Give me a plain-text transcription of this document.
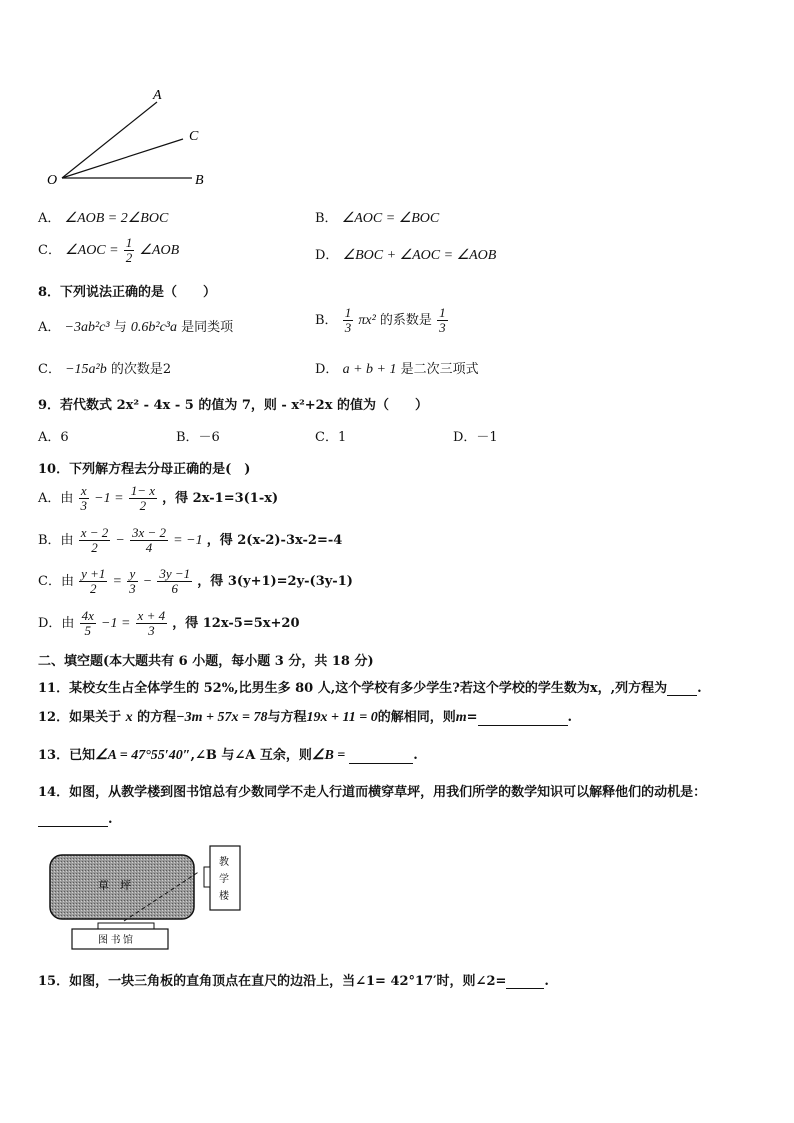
A
C
O	B
A． ∠AOB = 2∠BOC	B． ∠AOC = ∠BOC
C． ∠AOC = $\frac{1}{2}$ ∠AOB	D． ∠BOC + ∠AOC = ∠AOB
8．下列说法正确的是（　　）
A． −3ab²c³ 与 0.6b²c³a 是同类项	B． $\frac{1}{3} \pi x^2$ 的系数是 $\frac{1}{3}$
C． −15a²b 的次数是2	D． a + b + 1 是二次三项式
9．若代数式 2x² - 4x - 5 的值为 7，则 - x²+2x 的值为（　　）
A．6	B．－6	C．1	D．－1
10．下列解方程去分母正确的是(　)
A．由 $\frac{x}{3} -1 = \frac{1- x}{2}$ ，得 2x-1=3(1-x)
B．由 $\frac{x - 2}{2} - \frac{3x - 2}{4} = -1$ ，得 2(x-2)-3x-2=-4
C．由 $\frac{y +1}{2} = \frac{y}{3} - \frac{3y -1}{6}$ ，得 3(y+1)=2y-(3y-1)
D．由 $\frac{4x}{5} -1 = \frac{x + 4}{3}$ ，得 12x-5=5x+20
二、填空题(本大题共有 6 小题，每小题 3 分，共 18 分)
11．某校女生占全体学生的 52%,比男生多 80 人,这个学校有多少学生?若这个学校的学生数为x，,列方程为 .
12．如果关于 x 的方程−3m + 57x = 78与方程19x + 11 = 0的解相同，则m=	.
13．已知∠A = 47°55′40″,∠B 与∠A 互余，则∠B =	.
14．如图，从教学楼到图书馆总有少数同学不走人行道而横穿草坪，用我们所学的数学知识可以解释他们的动机是：
.
草　坪
教
学
楼
图 书 馆
15．如图，一块三角板的直角顶点在直尺的边沿上，当∠1= 42°17′时，则∠2=	.
